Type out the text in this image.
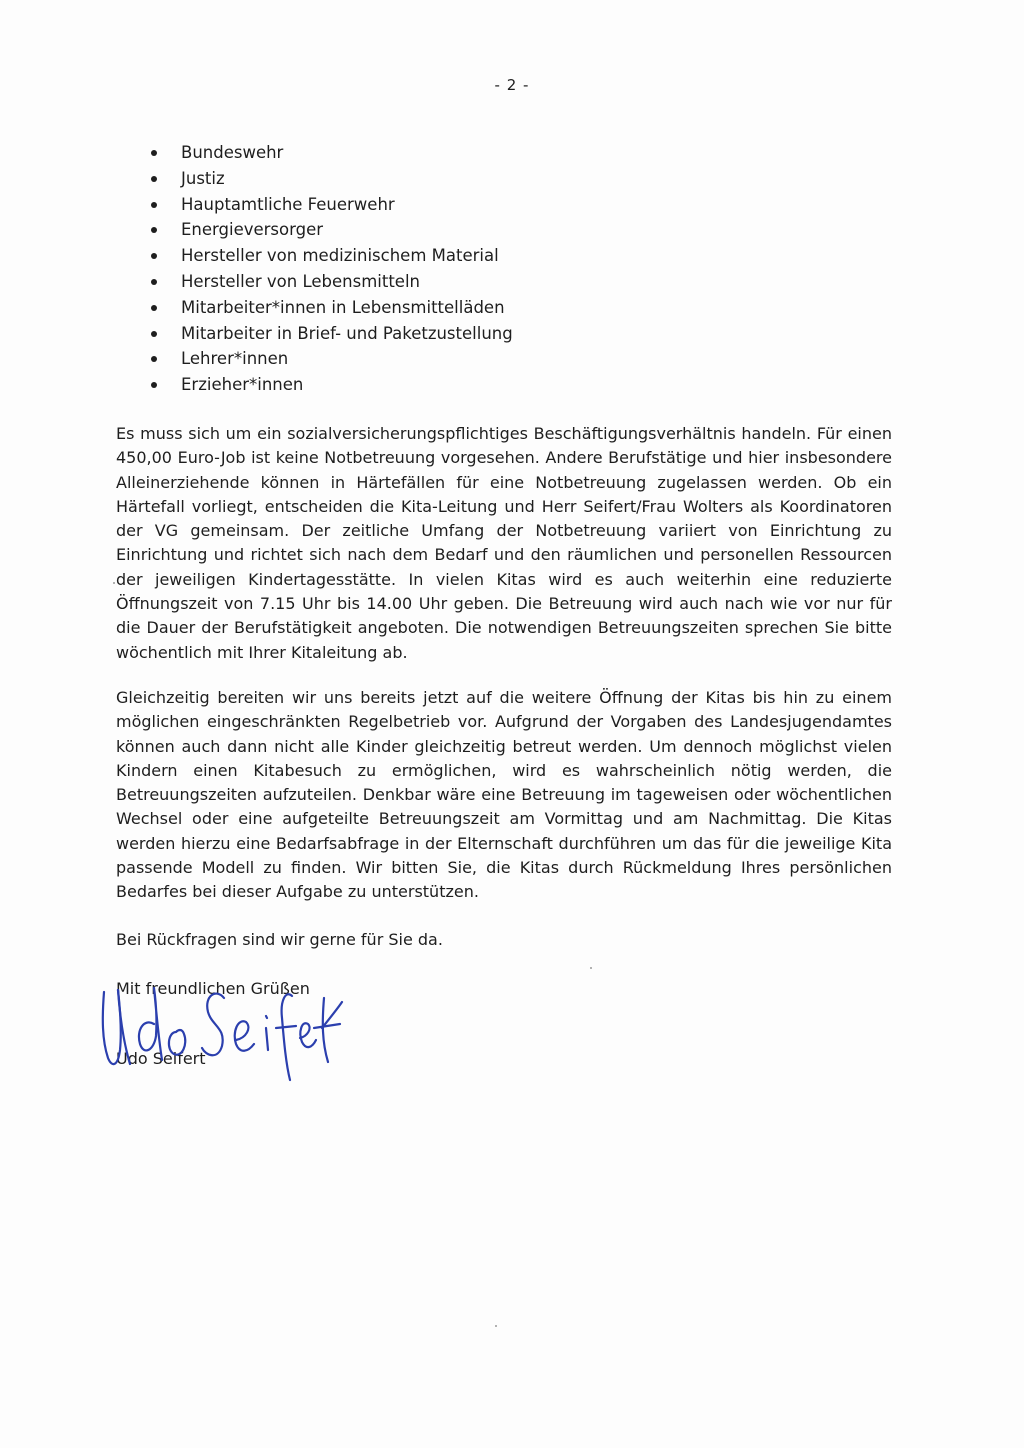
- 2 -
Bundeswehr
Justiz
Hauptamtliche Feuerwehr
Energieversorger
Hersteller von medizinischem Material
Hersteller von Lebensmitteln
Mitarbeiter*innen in Lebensmittelläden
Mitarbeiter in Brief- und Paketzustellung
Lehrer*innen
Erzieher*innen

Es muss sich um ein sozialversicherungspflichtiges Beschäftigungsverhältnis handeln. Für einen 450,00 Euro-Job ist keine Notbetreuung vorgesehen. Andere Berufstätige und hier insbesondere Alleinerziehende können in Härtefällen für eine Notbetreuung zugelassen werden. Ob ein Härtefall vorliegt, entscheiden die Kita-Leitung und Herr Seifert/Frau Wolters als Koordinatoren der VG gemeinsam. Der zeitliche Umfang der Notbetreuung variiert von Einrichtung zu Einrichtung und richtet sich nach dem Bedarf und den räumlichen und personellen Ressourcen der jeweiligen Kindertagesstätte. In vielen Kitas wird es auch weiterhin eine reduzierte Öffnungszeit von 7.15 Uhr bis 14.00 Uhr geben. Die Betreuung wird auch nach wie vor nur für die Dauer der Berufstätigkeit angeboten. Die notwendigen Betreuungszeiten sprechen Sie bitte wöchentlich mit Ihrer Kitaleitung ab.

Gleichzeitig bereiten wir uns bereits jetzt auf die weitere Öffnung der Kitas bis hin zu einem möglichen eingeschränkten Regelbetrieb vor. Aufgrund der Vorgaben des Landesjugendamtes können auch dann nicht alle Kinder gleichzeitig betreut werden. Um dennoch möglichst vielen Kindern einen Kitabesuch zu ermöglichen, wird es wahrscheinlich nötig werden, die Betreuungszeiten aufzuteilen. Denkbar wäre eine Betreuung im tageweisen oder wöchentlichen Wechsel oder eine aufgeteilte Betreuungszeit am Vormittag und am Nachmittag. Die Kitas werden hierzu eine Bedarfsabfrage in der Elternschaft durchführen um das für die jeweilige Kita passende Modell zu finden. Wir bitten Sie, die Kitas durch Rückmeldung Ihres persönlichen Bedarfes bei dieser Aufgabe zu unterstützen.

Bei Rückfragen sind wir gerne für Sie da.

Mit freundlichen Grüßen
Udo Seifert
